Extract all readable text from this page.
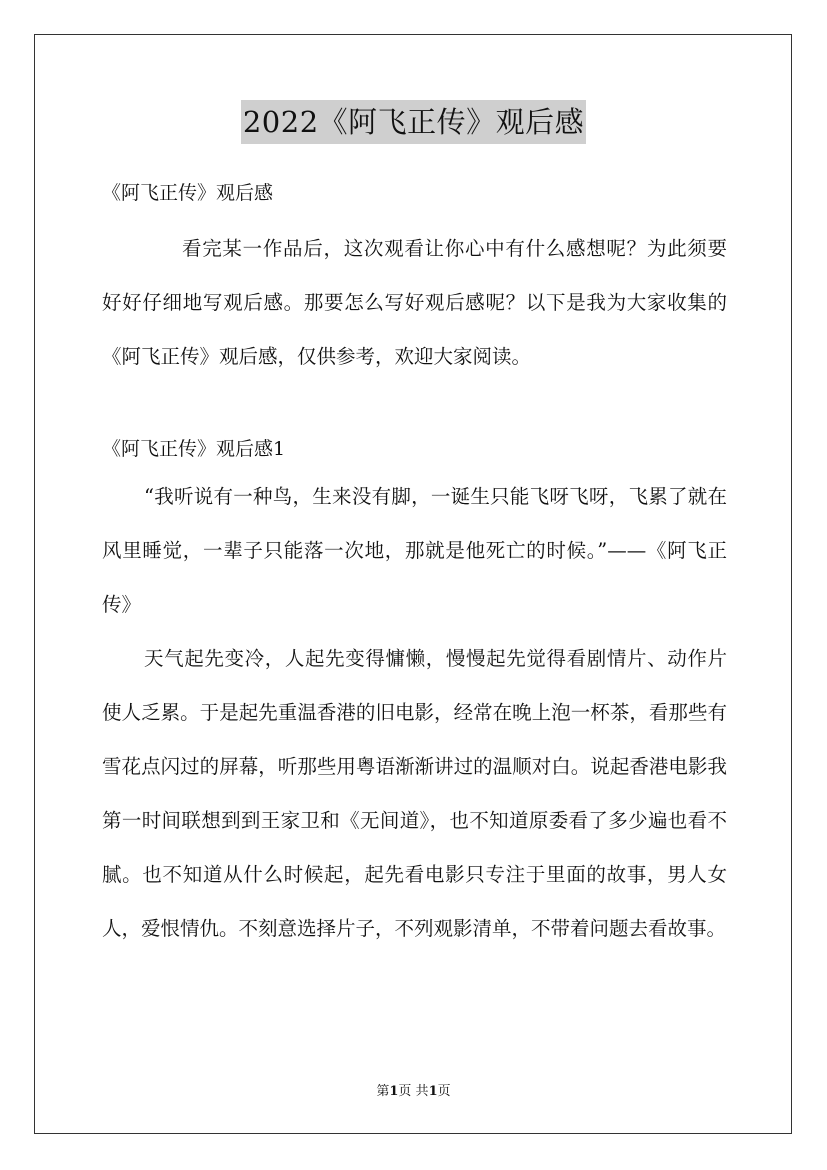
2022《阿飞正传》观后感

《阿飞正传》观后感

看完某一作品后，这次观看让你心中有什么感想呢？为此须要好好仔细地写观后感。那要怎么写好观后感呢？以下是我为大家收集的《阿飞正传》观后感，仅供参考，欢迎大家阅读。

《阿飞正传》观后感1

“我听说有一种鸟，生来没有脚，一诞生只能飞呀飞呀，飞累了就在风里睡觉，一辈子只能落一次地，那就是他死亡的时候。”——《阿飞正传》

天气起先变冷，人起先变得慵懒，慢慢起先觉得看剧情片、动作片使人乏累。于是起先重温香港的旧电影，经常在晚上泡一杯茶，看那些有雪花点闪过的屏幕，听那些用粤语渐渐讲过的温顺对白。说起香港电影我第一时间联想到到王家卫和《无间道》，也不知道原委看了多少遍也看不腻。也不知道从什么时候起，起先看电影只专注于里面的故事，男人女人，爱恨情仇。不刻意选择片子，不列观影清单，不带着问题去看故事。

第1页 共1页
